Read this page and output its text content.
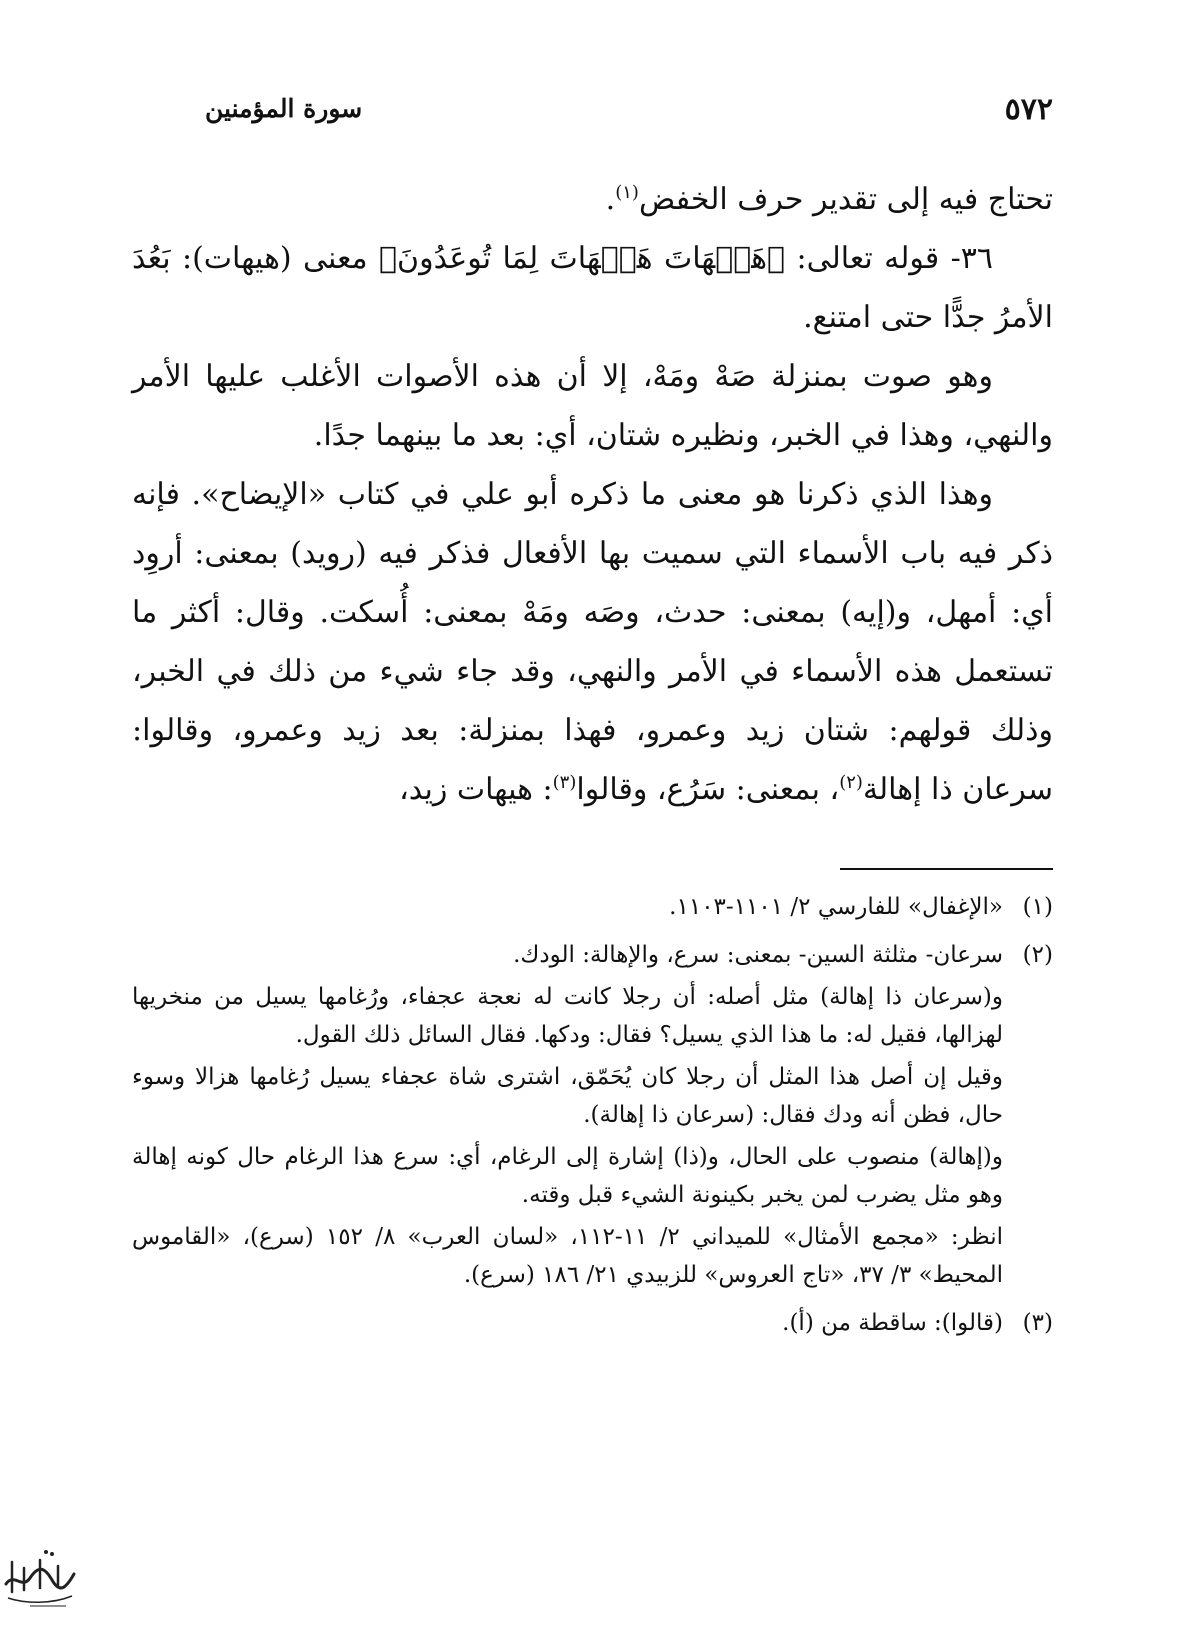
٥٧٢
سورة المؤمنين

تحتاج فيه إلى تقدير حرف الخفض$^{(١)}$.

٣٦- قوله تعالى: ﴿هَيۡهَاتَ هَيۡهَاتَ لِمَا تُوعَدُونَ﴾ معنى (هيهات): بَعُدَ الأمرُ جدًّا حتى امتنع.

وهو صوت بمنزلة صَهْ ومَهْ، إلا أن هذه الأصوات الأغلب عليها الأمر والنهي، وهذا في الخبر، ونظيره شتان، أي: بعد ما بينهما جدًا.

وهذا الذي ذكرنا هو معنى ما ذكره أبو علي في كتاب «الإيضاح». فإنه ذكر فيه باب الأسماء التي سميت بها الأفعال فذكر فيه (رويد) بمعنى: أروِد أي: أمهل، و(إيه) بمعنى: حدث، وصَه ومَهْ بمعنى: أُسكت. وقال: أكثر ما تستعمل هذه الأسماء في الأمر والنهي، وقد جاء شيء من ذلك في الخبر، وذلك قولهم: شتان زيد وعمرو، فهذا بمنزلة: بعد زيد وعمرو، وقالوا: سرعان ذا إهالة$^{(٢)}$، بمعنى: سَرُع، وقالوا$^{(٣)}$: هيهات زيد،

(١)

«الإغفال» للفارسي ٢/ ١١٠١-١١٠٣.

(٢)

سرعان- مثلثة السين- بمعنى: سرع، والإهالة: الودك.

و(سرعان ذا إهالة) مثل أصله: أن رجلا كانت له نعجة عجفاء، ورُغامها يسيل من منخريها لهزالها، فقيل له: ما هذا الذي يسيل؟ فقال: ودكها. فقال السائل ذلك القول.

وقيل إن أصل هذا المثل أن رجلا كان يُحَمّق، اشترى شاة عجفاء يسيل رُغامها هزالا وسوء حال، فظن أنه ودك فقال: (سرعان ذا إهالة).

و(إهالة) منصوب على الحال، و(ذا) إشارة إلى الرغام، أي: سرع هذا الرغام حال كونه إهالة وهو مثل يضرب لمن يخبر بكينونة الشيء قبل وقته.

انظر: «مجمع الأمثال» للميداني ٢/ ١١-١١٢، «لسان العرب» ٨/ ١٥٢ (سرع)، «القاموس المحيط» ٣/ ٣٧، «تاج العروس» للزبيدي ٢١/ ١٨٦ (سرع).

(٣)

(قالوا): ساقطة من (أ).
